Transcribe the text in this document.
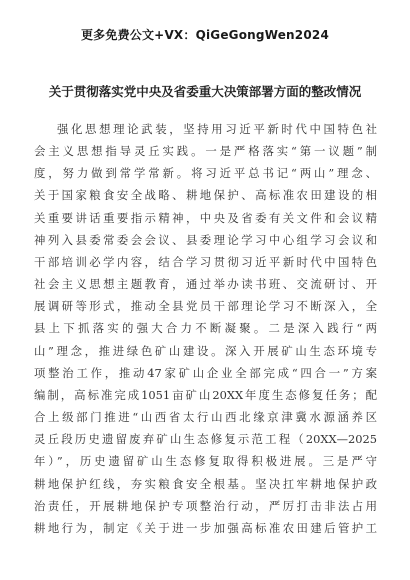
更多免费公文+VX：QiGeGongWen2024
关于贯彻落实党中央及省委重大决策部署方面的整改情况
强化思想理论武装，坚持用习近平新时代中国特色社
会主义思想指导灵丘实践。一是严格落实“第一议题”制
度，努力做到常学常新。将习近平总书记“两山”理念、
关于国家粮食安全战略、耕地保护、高标准农田建设的相
关重要讲话重要指示精神，中央及省委有关文件和会议精
神列入县委常委会会议、县委理论学习中心组学习会议和
干部培训必学内容，结合学习贯彻习近平新时代中国特色
社会主义思想主题教育，通过举办读书班、交流研讨、开
展调研等形式，推动全县党员干部理论学习不断深入，全
县上下抓落实的强大合力不断凝聚。二是深入践行“两
山”理念，推进绿色矿山建设。深入开展矿山生态环境专
项整治工作，推动47家矿山企业全部完成“四合一”方案
编制，高标准完成1051亩矿山20XX年度生态修复任务；配
合上级部门推进“山西省太行山西北缘京津冀水源涵养区
灵丘段历史遗留废弃矿山生态修复示范工程（20XX—2025
年）”，历史遗留矿山生态修复取得积极进展。三是严守
耕地保护红线，夯实粮食安全根基。坚决扛牢耕地保护政
治责任，开展耕地保护专项整治行动，严厉打击非法占用
耕地行为，制定《关于进一步加强高标准农田建后管护工
